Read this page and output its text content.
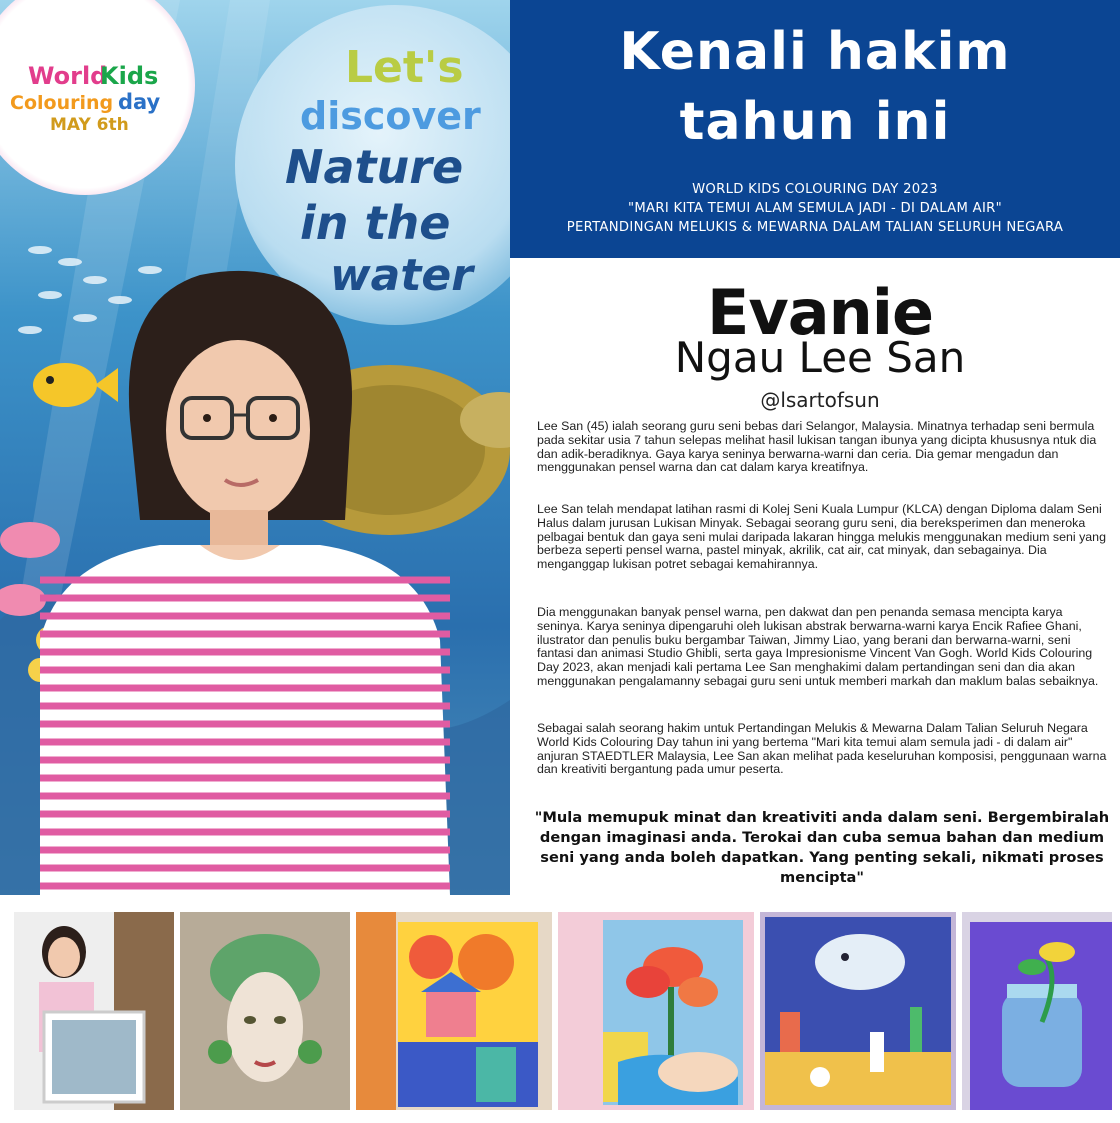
World
Kids
Colouring day
MAY 6th
Let's
discover
Nature
in the
water
Kenali hakim
tahun ini
WORLD KIDS COLOURING DAY 2023
"MARI KITA TEMUI ALAM SEMULA JADI - DI DALAM AIR"
PERTANDINGAN MELUKIS & MEWARNA DALAM TALIAN SELURUH NEGARA
Evanie
Ngau Lee San
@lsartofsun

Lee San (45) ialah seorang guru seni bebas dari Selangor, Malaysia. Minatnya terhadap seni bermula pada sekitar usia 7 tahun selepas melihat hasil lukisan tangan ibunya yang dicipta khususnya ntuk dia dan adik-beradiknya. Gaya karya seninya berwarna-warni dan ceria. Dia gemar mengadun dan menggunakan pensel warna dan cat dalam karya kreatifnya.

Lee San telah mendapat latihan rasmi di Kolej Seni Kuala Lumpur (KLCA) dengan Diploma dalam Seni Halus dalam jurusan Lukisan Minyak. Sebagai seorang guru seni, dia bereksperimen dan meneroka pelbagai bentuk dan gaya seni mulai daripada lakaran hingga melukis menggunakan medium seni yang berbeza seperti pensel warna, pastel minyak, akrilik, cat air, cat minyak, dan sebagainya. Dia menganggap lukisan potret sebagai kemahirannya.

Dia menggunakan banyak pensel warna, pen dakwat dan pen penanda semasa mencipta karya seninya. Karya seninya dipengaruhi oleh lukisan abstrak berwarna-warni karya Encik Rafiee Ghani, ilustrator dan penulis buku bergambar Taiwan, Jimmy Liao, yang berani dan berwarna-warni, seni fantasi dan animasi Studio Ghibli, serta gaya Impresionisme Vincent Van Gogh. World Kids Colouring Day 2023, akan menjadi kali pertama Lee San menghakimi dalam pertandingan seni dan dia akan menggunakan pengalamanny sebagai guru seni untuk memberi markah dan maklum balas sebaiknya.

Sebagai salah seorang hakim untuk Pertandingan Melukis & Mewarna Dalam Talian Seluruh Negara World Kids Colouring Day tahun ini yang bertema "Mari kita temui alam semula jadi - di dalam air" anjuran STAEDTLER Malaysia, Lee San akan melihat pada keseluruhan komposisi, penggunaan warna dan kreativiti bergantung pada umur peserta.

"Mula memupuk minat dan kreativiti anda dalam seni. Bergembiralah dengan imaginasi anda. Terokai dan cuba semua bahan dan medium seni yang anda boleh dapatkan. Yang penting sekali, nikmati proses mencipta"
